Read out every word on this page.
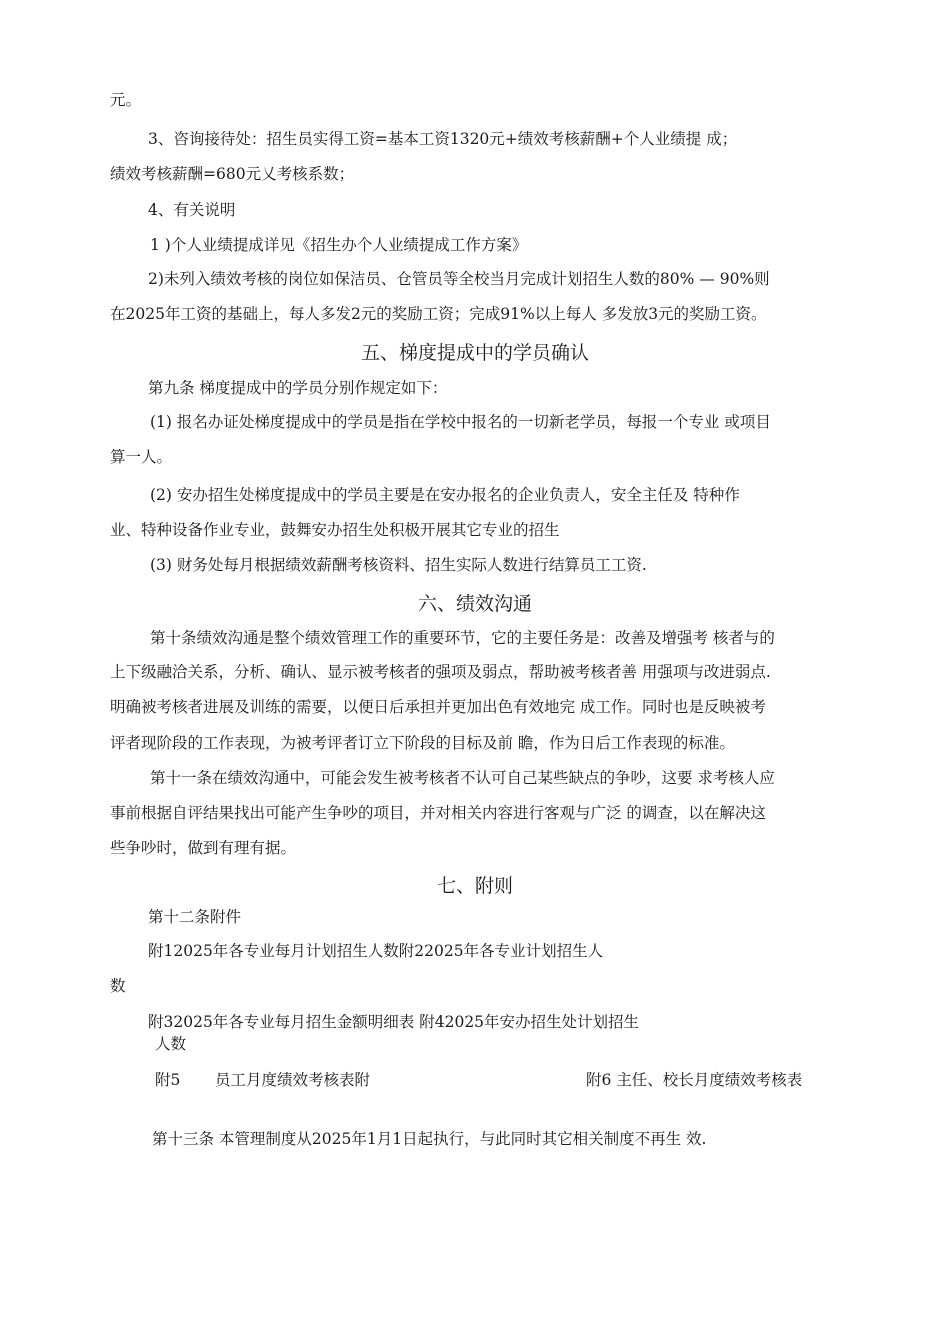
元。
3、咨询接待处：招生员实得工资=基本工资1320元+绩效考核薪酬+个人业绩提 成；
绩效考核薪酬=680元乂考核系数；
4、有关说明
1 )个人业绩提成详见《招生办个人业绩提成工作方案》
2)未列入绩效考核的岗位如保洁员、仓管员等全校当月完成计划招生人数的80% — 90%则
在2025年工资的基础上，每人多发2元的奖励工资；完成91%以上每人 多发放3元的奖励工资。
五、梯度提成中的学员确认
第九条 梯度提成中的学员分别作规定如下：
(1) 报名办证处梯度提成中的学员是指在学校中报名的一切新老学员，每报一个专业 或项目
算一人。
(2) 安办招生处梯度提成中的学员主要是在安办报名的企业负责人，安全主任及 特种作
业、特种设备作业专业，鼓舞安办招生处积极开展其它专业的招生
(3) 财务处每月根据绩效薪酬考核资料、招生实际人数进行结算员工工资.
六、绩效沟通
第十条绩效沟通是整个绩效管理工作的重要环节，它的主要任务是：改善及增强考 核者与的
上下级融洽关系，分析、确认、显示被考核者的强项及弱点，帮助被考核者善 用强项与改进弱点.
明确被考核者进展及训练的需要，以便日后承担并更加出色有效地完 成工作。同时也是反映被考
评者现阶段的工作表现，为被考评者订立下阶段的目标及前 瞻，作为日后工作表现的标准。
第十一条在绩效沟通中，可能会发生被考核者不认可自己某些缺点的争吵，这要 求考核人应
事前根据自评结果找出可能产生争吵的项目，并对相关内容进行客观与广泛 的调查，以在解决这
些争吵时，做到有理有据。
七、附则
第十二条附件
附12025年各专业每月计划招生人数附22025年各专业计划招生人
数
附32025年各专业每月招生金额明细表 附42025年安办招生处计划招生
人数
附5 员工月度绩效考核表附	附6 主任、校长月度绩效考核表
第十三条 本管理制度从2025年1月1日起执行，与此同时其它相关制度不再生 效.
